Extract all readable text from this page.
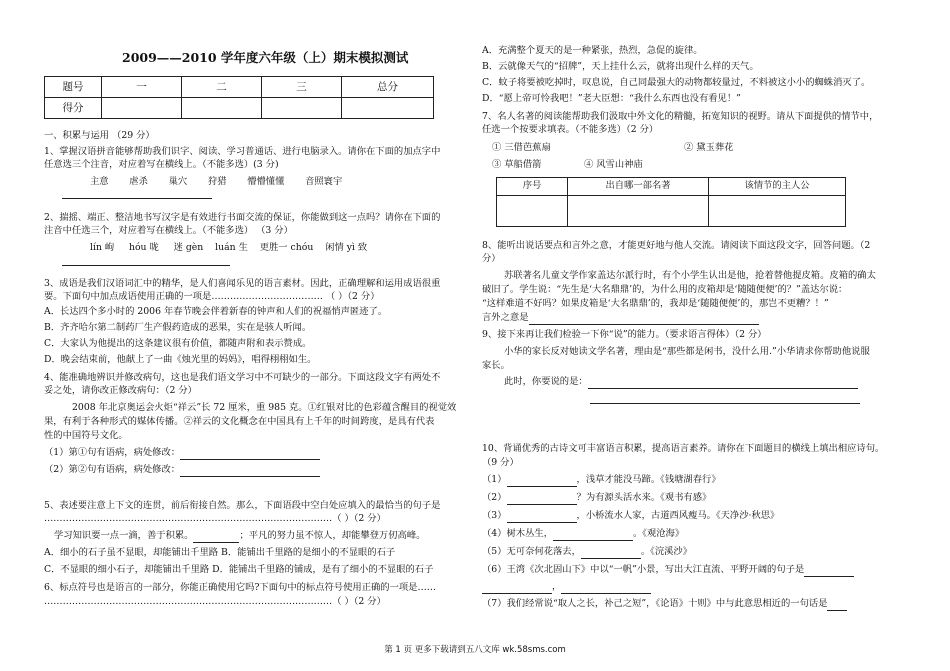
2009——2010 学年度六年级（上）期末模拟测试
题号	一	二	三	总分
得分				
一、积累与运用 （29 分）
1、掌握汉语拼音能够帮助我们识字、阅读、学习普通话、进行电脑录入。请你在下面的加点字中
任意选三个注音，对应着写在横线上。（不能多选）(3 分)
主意 虐杀 巢穴 狩猎 懵懵懂懂 音照寰宇
2、揣摇、端正、整洁地书写汉字是有效进行书面交流的保证，你能做到这一点吗？请你在下面的
注音中任选三个，对应着写在横线上。（不能多选） （3 分）
lín 岣 hóu 咙 迷 gèn luán 生 更胜一 chóu 闲情 yì 致
3、成语是我们汉语词汇中的精华，是人们喜闻乐见的语言素材。因此，正确理解和运用成语很重
要。下面句中加点成语使用正确的一项是……………………………… （ ）（2 分）
A．长达四个多小时的 2006 年春节晚会伴着新春的钟声和人们的祝福悄声匿迹了。
B．齐齐哈尔第二制药厂生产假药造成的恶果，实在是骇人听闻。
C．大家认为他提出的这条建议很有价值，都随声附和表示赞成。
D．晚会结束前，他献上了一曲《烛光里的妈妈》，唱得栩栩如生。
4、能准确地辨识并修改病句，这也是我们语文学习中不可缺少的一部分。下面这段文字有两处不
妥之处，请你改正修改病句：（2 分）
2008 年北京奥运会火炬“祥云”长 72 厘米，重 985 克。①红银对比的色彩蕴含醒目的视觉效
果，有利于各种形式的媒体传播。②祥云的文化概念在中国具有上千年的时间跨度，是具有代表
性的中国符号文化。
（1）第①句有语病，病处修改：
（2）第②句有语病，病处修改：
5、表述要注意上下文的连贯，前后衔接自然。那么，下面语段中空白处应填入的最恰当的句子是
…………………………………………………………………………………（ ）（2 分）
学习知识要一点一滴，善于积累。	；平凡的努力虽不惊人，却能攀登万仞高峰。
A．细小的石子虽不显眼，却能铺出千里路 B．能铺出千里路的是细小的不显眼的石子
C．不显眼的细小石子，却能铺出千里路 D．能铺出千里路的铺成，是有了细小的不显眼的石子
6、标点符号也是语言的一部分，你能正确使用它吗?下面句中的标点符号使用正确的一项是……
…………………………………………………………………………………（ ）（2 分）
A．充满整个夏天的是一种紧张，热烈，急促的旋律。
B．云就像天气的“招牌”，天上挂什么云，就将出现什么样的天气。
C．蚊子将要被吃掉时，叹息说，自己同最强大的动物都较量过，不料被这小小的蜘蛛消灭了。
D．“愿上帝可怜我吧！”老大臣想：“我什么东西也没有看见！”
7、名人名著的阅读能帮助我们汲取中外文化的精髓，拓宽知识的视野。请从下面提供的情节中，
任选一个按要求填表。（不能多选）（2 分）
① 三借芭蕉扇	② 黛玉葬花
③ 草船借箭	④ 风雪山神庙
序号	出自哪一部名著	该情节的主人公

8、能听出说话要点和言外之意，才能更好地与他人交流。请阅读下面这段文字，回答问题。（2
分）
苏联著名儿童文学作家盖达尔派行时，有个小学生认出是他，抢着替他提皮箱。皮箱的确太
破旧了。学生说：“先生是‘大名鼎鼎’的，为什么用的皮箱却是‘随随便便’的？”盖达尔说：
“这样难道不好吗？如果皮箱是‘大名鼎鼎’的，我却是‘随随便便’的，那岂不更糟？！”
言外之意是
9、接下来再让我们检验一下你“说”的能力。（要求语言得体）（2 分）
小华的家长反对她读文学名著，理由是“那些都是闲书，没什么用.”小华请求你帮助他说服
家长。
此时，你要说的是：
10、背诵优秀的古诗文可丰富语言积累，提高语言素养。请你在下面题目的横线上填出相应诗句。
（9 分）
（1）	，浅草才能没马蹄。《钱塘湖春行》
（2）	？为有源头活水来。《观书有感》
（3）	，小桥流水人家，古道西风瘦马。《天净沙·秋思》
（4）树木丛生，	。《观沧海》
（5）无可奈何花落去，	。《浣溪沙》
（6）王湾《次北固山下》中以“一帆”小景，写出大江直流、平野开阔的句子是
，
（7）我们经常说“取人之长，补己之短”，《论语》十则》中与此意思相近的一句话是
第 1 页 更多下载请到五八文库 wk.58sms.com
